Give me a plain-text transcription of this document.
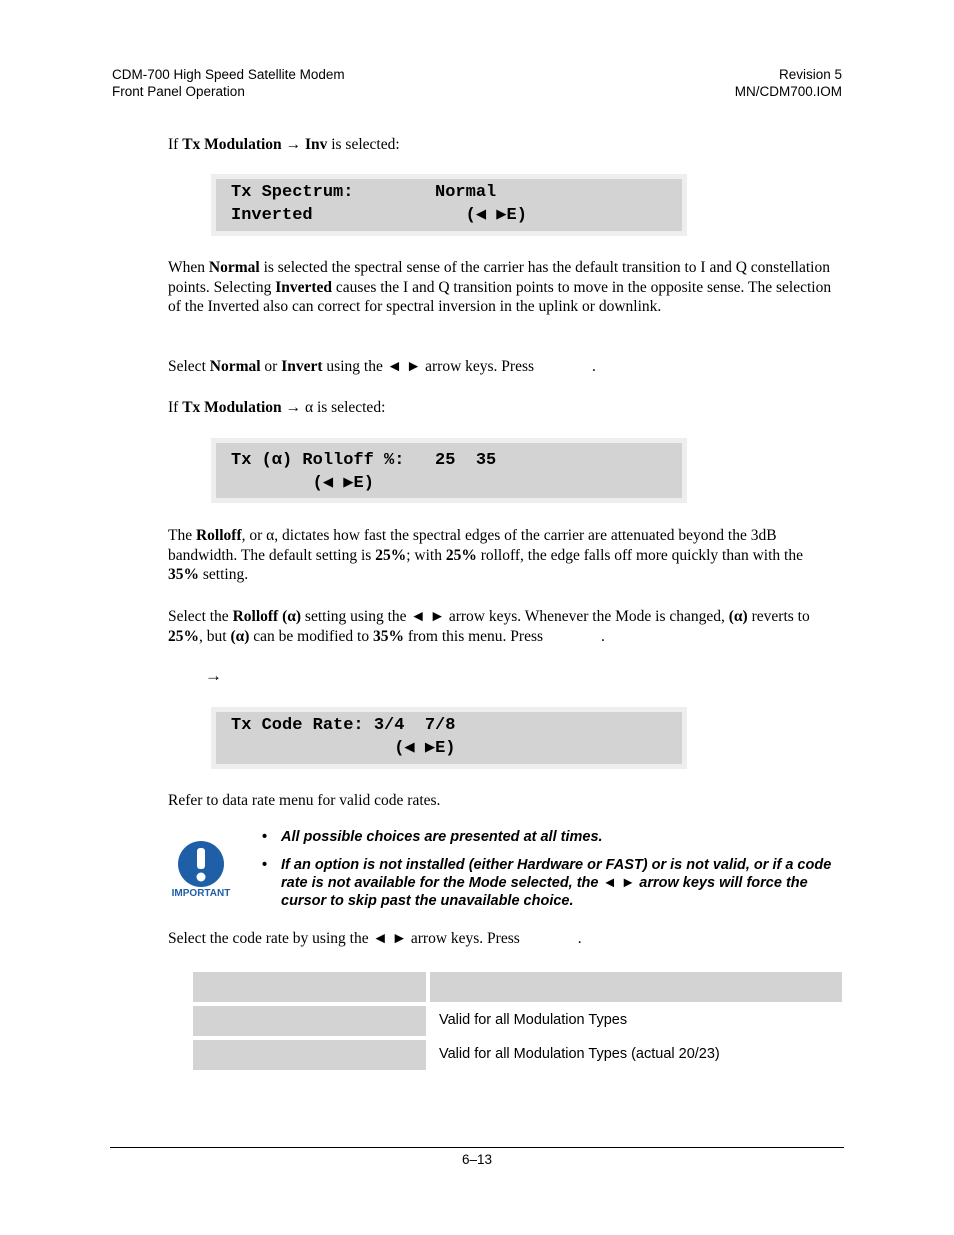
CDM-700 High Speed Satellite Modem
Front Panel Operation
Revision 5
MN/CDM700.IOM
If Tx Modulation → Inv is selected:
Tx Spectrum:        Normal
Inverted               (◀ ▶E)
When Normal is selected the spectral sense of the carrier has the default transition to I and Q constellation points. Selecting Inverted causes the I and Q transition points to move in the opposite sense. The selection of the Inverted also can correct for spectral inversion in the uplink or downlink.
Select Normal or Invert using the ◄ ► arrow keys. Press	.
If Tx Modulation → α is selected:
Tx (α) Rolloff %:   25  35
(◀ ▶E)
The Rolloff, or α, dictates how fast the spectral edges of the carrier are attenuated beyond the 3dB bandwidth. The default setting is 25%; with 25% rolloff, the edge falls off more quickly than with the 35% setting.
Select the Rolloff (α) setting using the ◄ ► arrow keys. Whenever the Mode is changed, (α) reverts to 25%, but (α) can be modified to 35% from this menu. Press	.
→
Tx Code Rate: 3/4  7/8
(◀ ▶E)
Refer to data rate menu for valid code rates.
IMPORTANT
• All possible choices are presented at all times.
• If an option is not installed (either Hardware or FAST) or is not valid, or if a code rate is not available for the Mode selected, the ◄ ► arrow keys will force the cursor to skip past the unavailable choice.
Select the code rate by using the ◄ ► arrow keys. Press	.
Valid for all Modulation Types
Valid for all Modulation Types (actual 20/23)
6–13
